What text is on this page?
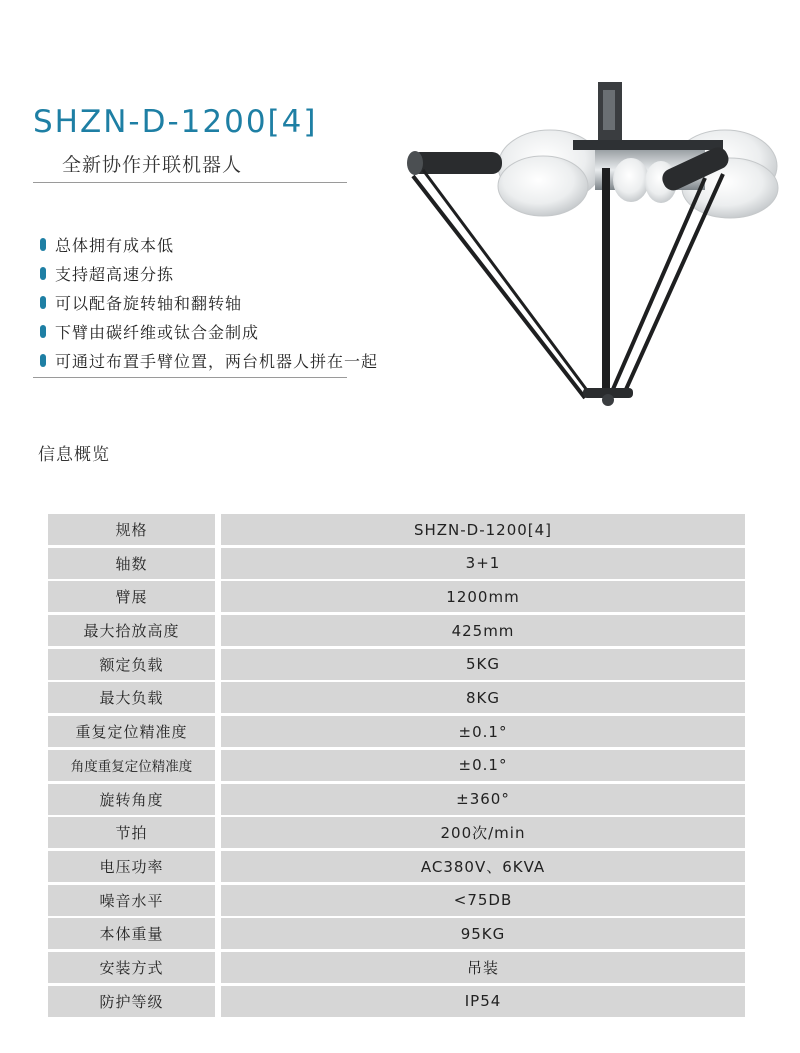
SHZN-D-1200[4]
全新协作并联机器人
总体拥有成本低
支持超高速分拣
可以配备旋转轴和翻转轴
下臂由碳纤维或钛合金制成
可通过布置手臂位置，两台机器人拼在一起
信息概览
规格	SHZN-D-1200[4]
轴数	3+1
臂展	1200mm
最大拾放高度	425mm
额定负载	5KG
最大负载	8KG
重复定位精准度	±0.1°
角度重复定位精准度	±0.1°
旋转角度	±360°
节拍	200次/min
电压功率	AC380V、6KVA
噪音水平	<75DB
本体重量	95KG
安装方式	吊装
防护等级	IP54
